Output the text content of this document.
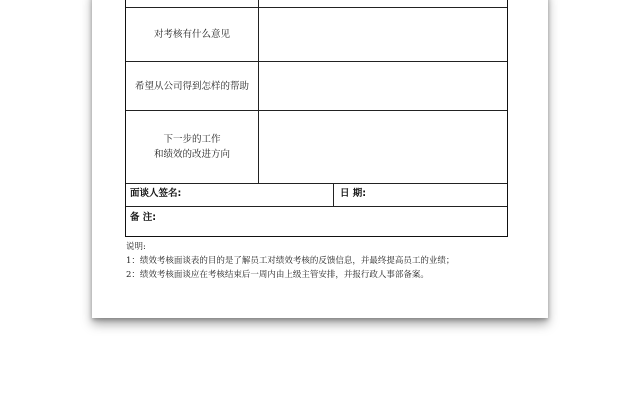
对考核有什么意见
希望从公司得到怎样的帮助
下一步的工作
和绩效的改进方向
面谈人签名:	日 期:
备 注:
说明:
1：绩效考核面谈表的目的是了解员工对绩效考核的反馈信息，并最终提高员工的业绩；
2：绩效考核面谈应在考核结束后一周内由上级主管安排，并报行政人事部备案。
